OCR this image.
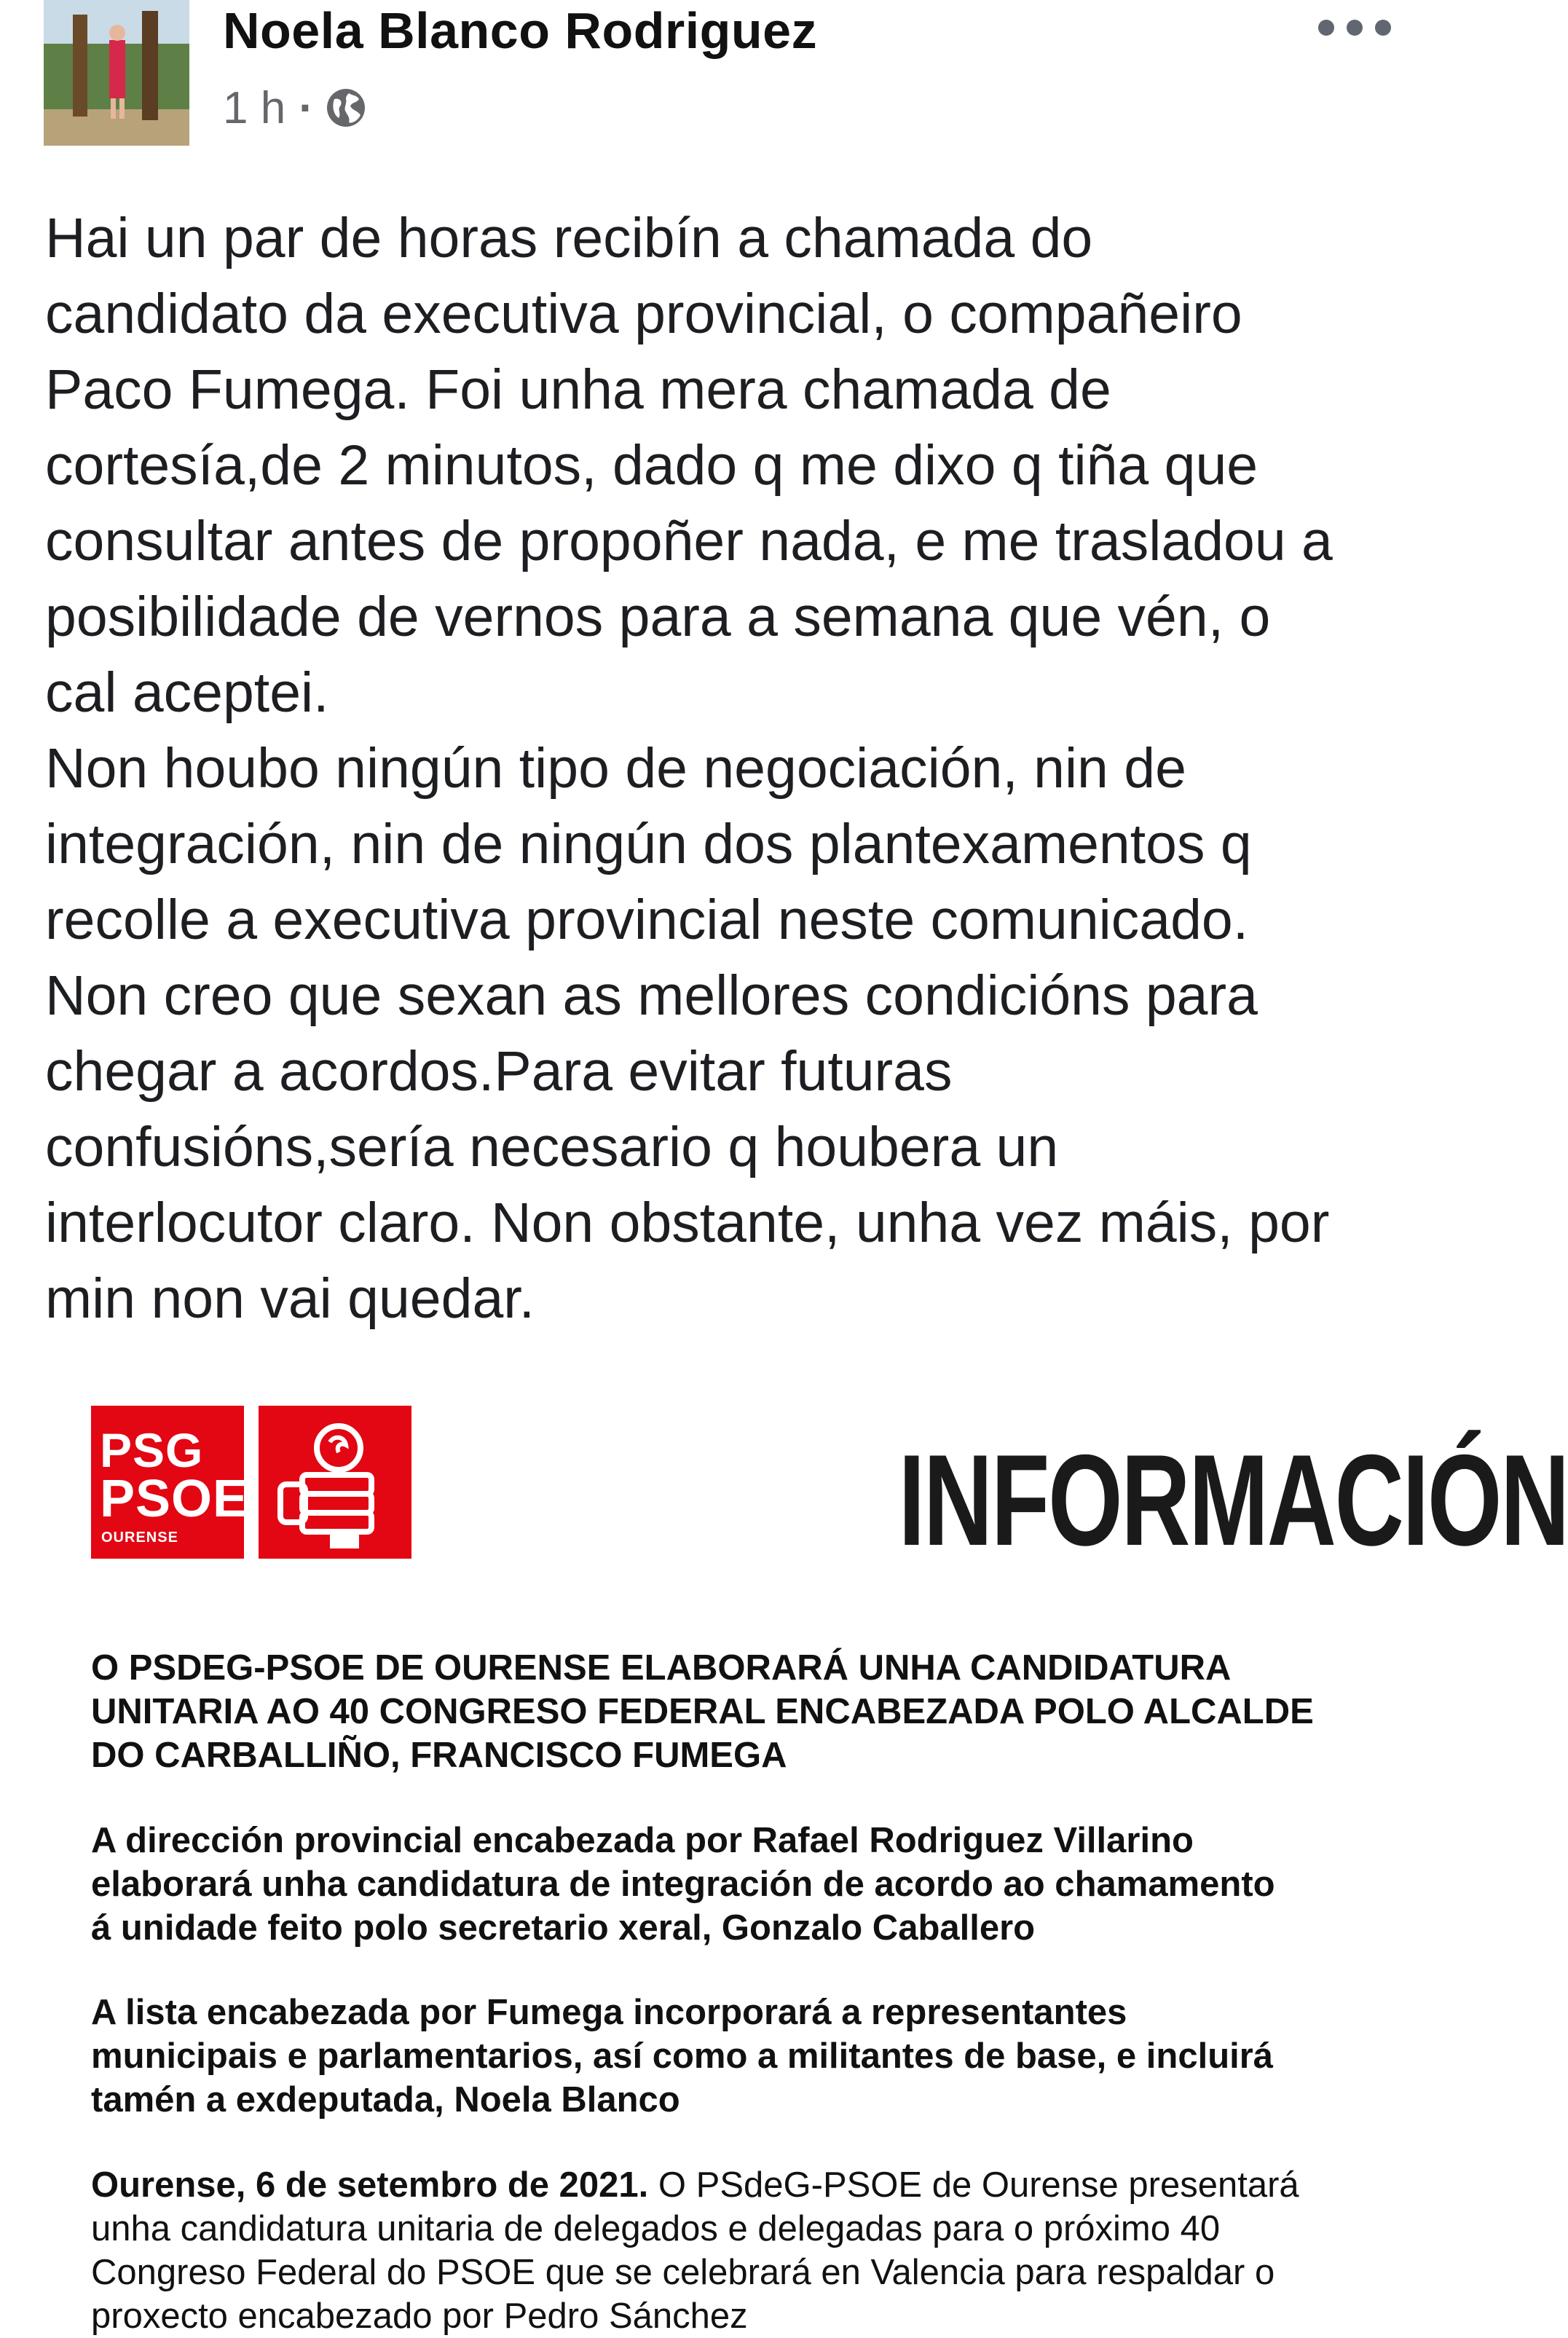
Noela Blanco Rodriguez
1 h ·
Hai un par de horas recibín a chamada do
candidato da executiva provincial, o compañeiro
Paco Fumega. Foi unha mera chamada de
cortesía,de 2 minutos, dado q me dixo q tiña que
consultar antes de propoñer nada, e me trasladou a
posibilidade de vernos para a semana que vén, o
cal aceptei.
Non houbo ningún tipo de negociación, nin de
integración, nin de ningún dos plantexamentos q
recolle a executiva provincial neste comunicado.
Non creo que sexan as mellores condicións para
chegar a acordos.Para evitar futuras
confusións,sería necesario q houbera un
interlocutor claro. Non obstante, unha vez máis, por
min non vai quedar.
PSG
PSOE
OURENSE	INFORMACIÓN
O PSDEG-PSOE DE OURENSE ELABORARÁ UNHA CANDIDATURA
UNITARIA AO 40 CONGRESO FEDERAL ENCABEZADA POLO ALCALDE
DO CARBALLIÑO, FRANCISCO FUMEGA
A dirección provincial encabezada por Rafael Rodriguez Villarino
elaborará unha candidatura de integración de acordo ao chamamento
á unidade feito polo secretario xeral, Gonzalo Caballero
A lista encabezada por Fumega incorporará a representantes
municipais e parlamentarios, así como a militantes de base, e incluirá
tamén a exdeputada, Noela Blanco
Ourense, 6 de setembro de 2021. O PSdeG-PSOE de Ourense presentará
unha candidatura unitaria de delegados e delegadas para o próximo 40
Congreso Federal do PSOE que se celebrará en Valencia para respaldar o
proxecto encabezado por Pedro Sánchez
